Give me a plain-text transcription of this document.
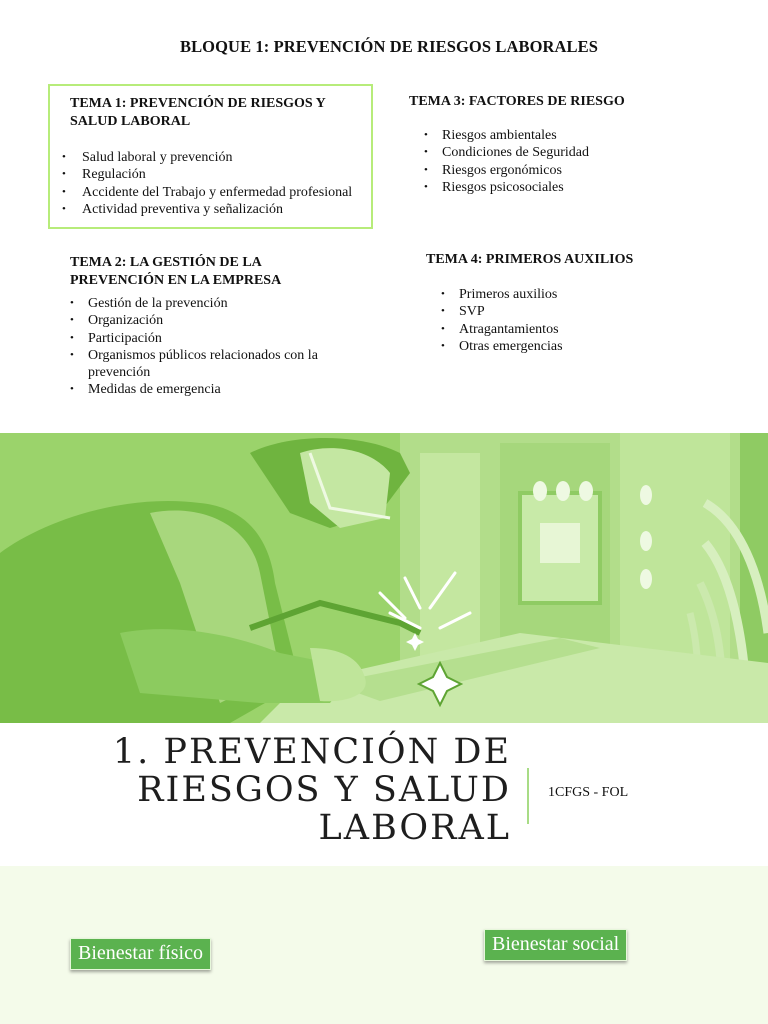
BLOQUE 1: PREVENCIÓN DE RIESGOS LABORALES

TEMA 1: PREVENCIÓN DE RIESGOS Y SALUD LABORAL

• Salud laboral y prevención
• Regulación
• Accidente del Trabajo y enfermedad profesional
• Actividad preventiva y señalización

TEMA 3: FACTORES DE RIESGO

• Riesgos ambientales
• Condiciones de Seguridad
• Riesgos ergonómicos
• Riesgos psicosociales

TEMA 2: LA GESTIÓN DE LA PREVENCIÓN EN LA EMPRESA

• Gestión de la prevención
• Organización
• Participación
• Organismos públicos relacionados con la prevención
• Medidas de emergencia

TEMA 4: PRIMEROS AUXILIOS

• Primeros auxilios
• SVP
• Atragantamientos
• Otras emergencias
1. PREVENCIÓN DE
RIESGOS Y SALUD
LABORAL
1CFGS - FOL
Bienestar físico	Bienestar social
